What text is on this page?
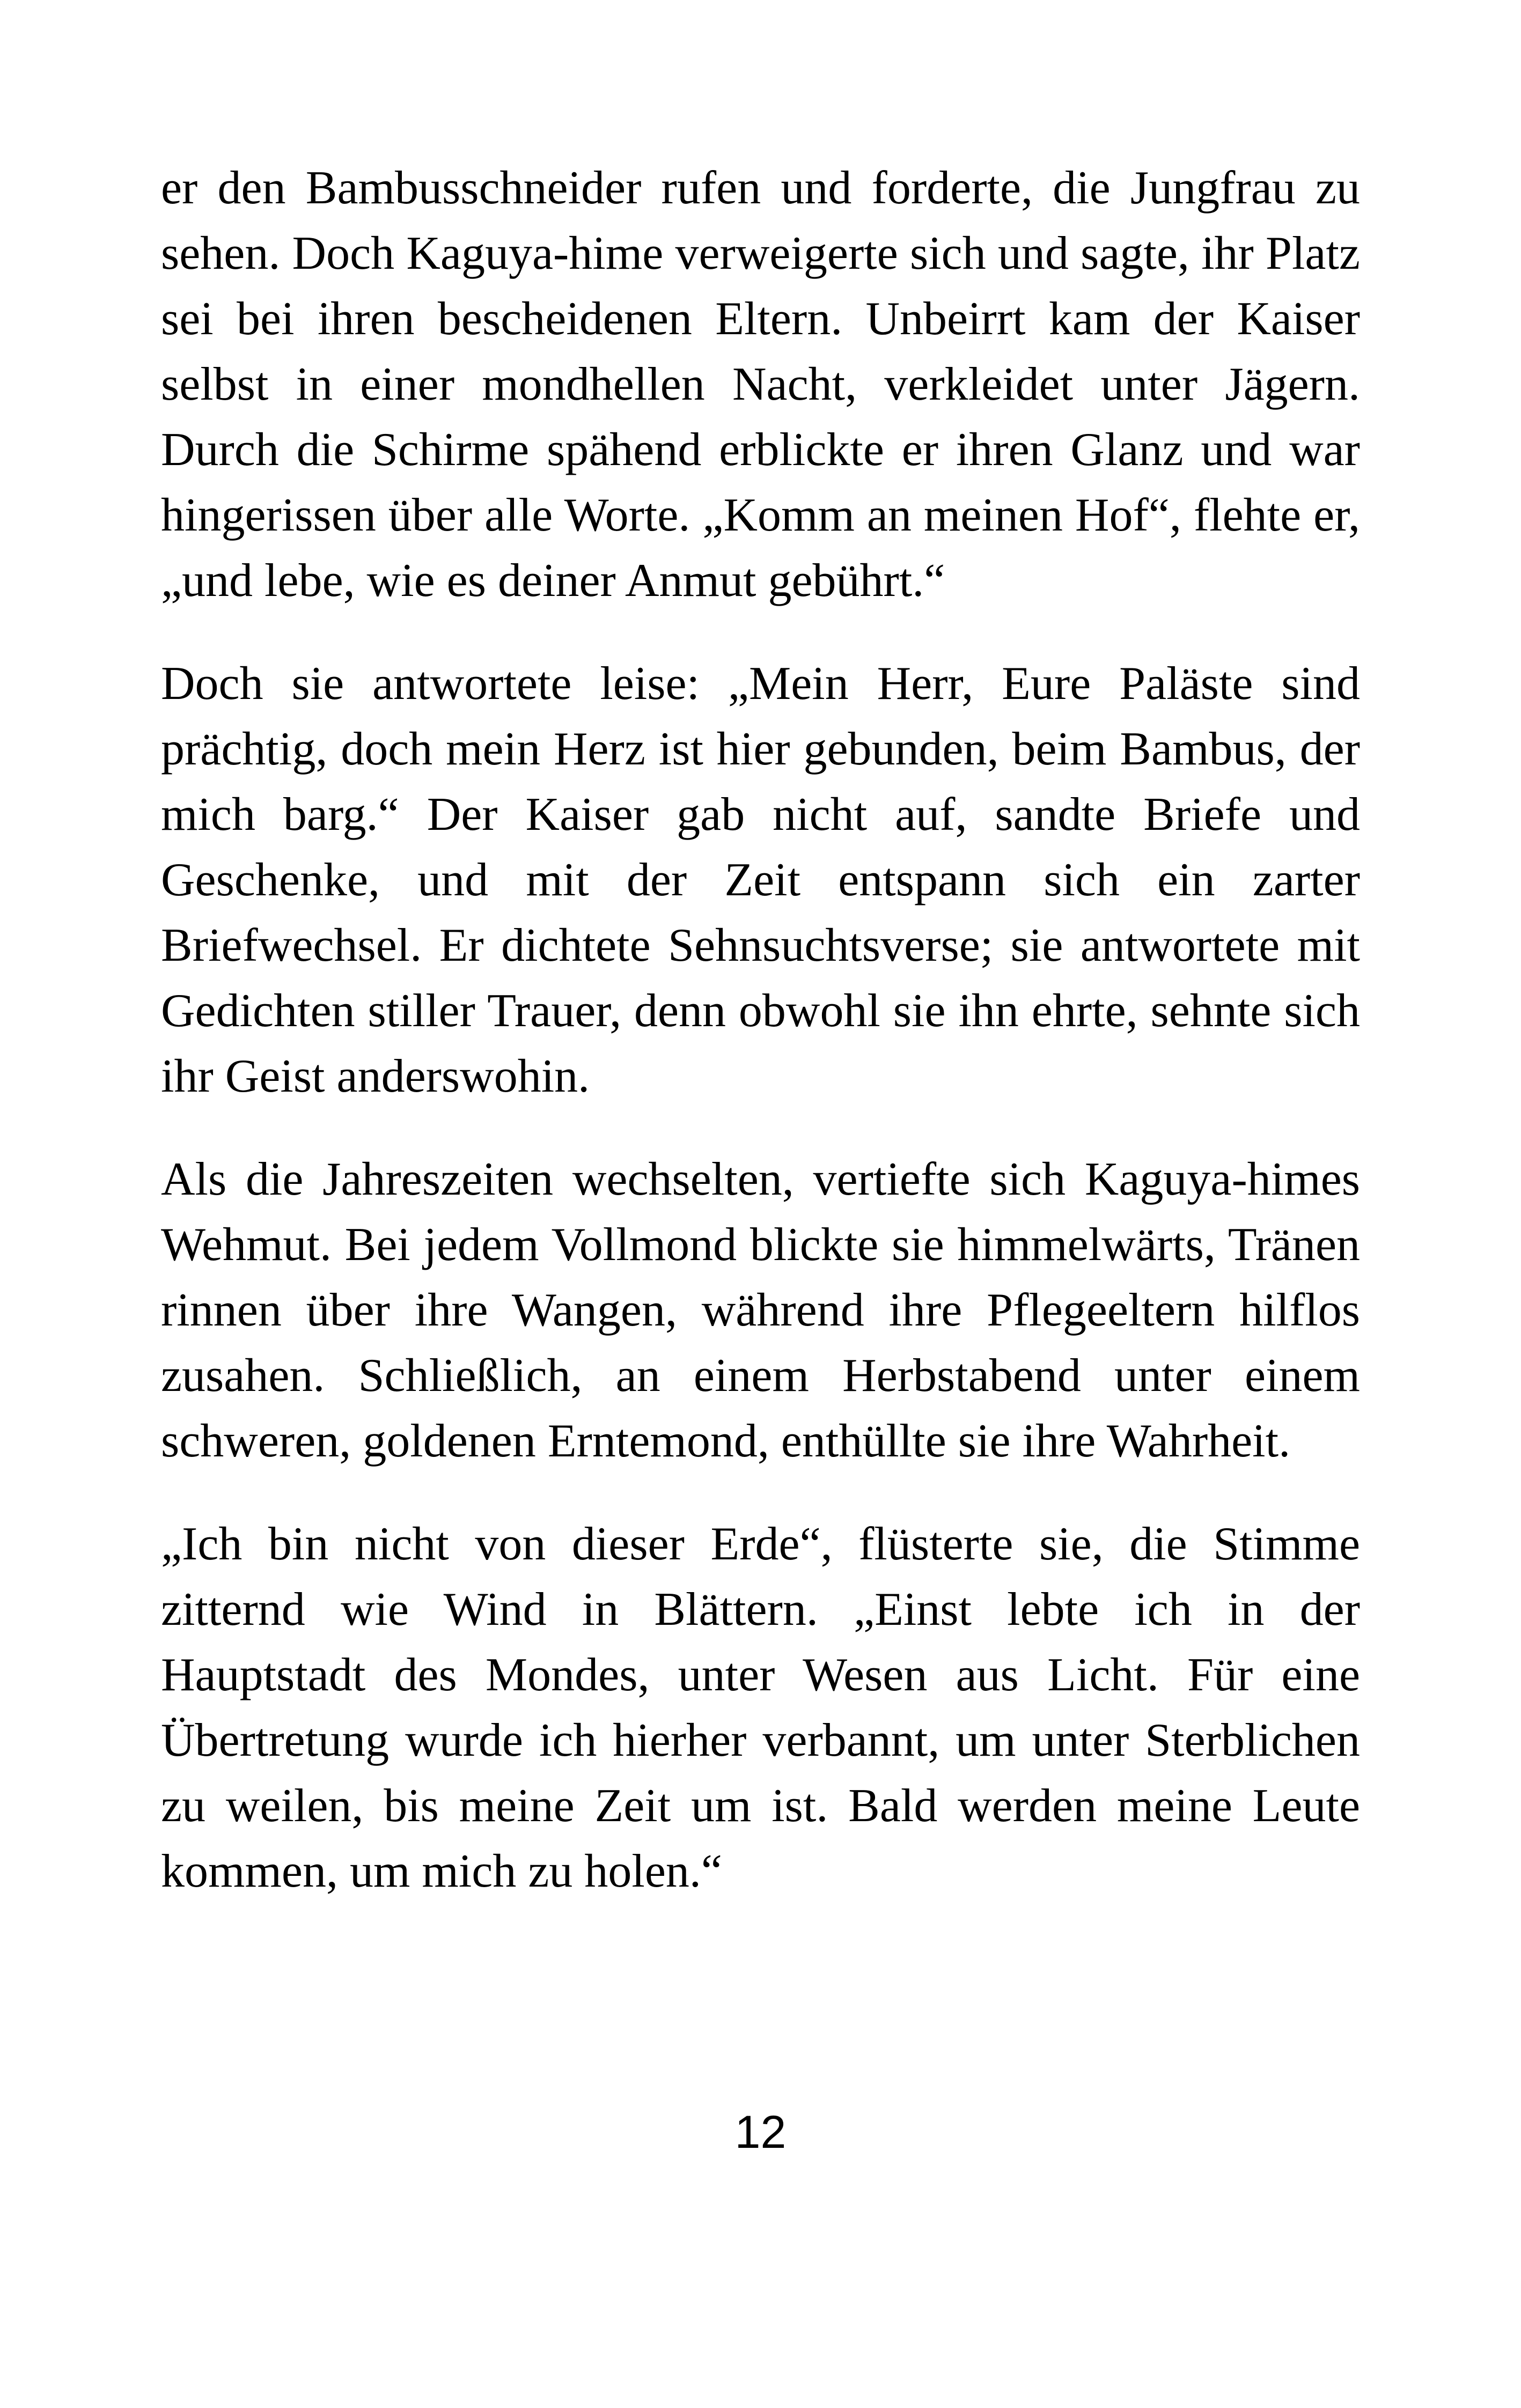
er den Bambusschneider rufen und forderte, die Jungfrau zu sehen. Doch Kaguya-hime verweigerte sich und sagte, ihr Platz sei bei ihren bescheidenen Eltern. Unbeirrt kam der Kaiser selbst in einer mondhellen Nacht, verkleidet unter Jägern. Durch die Schirme spähend erblickte er ihren Glanz und war hingerissen über alle Worte. „Komm an meinen Hof“, flehte er, „und lebe, wie es deiner Anmut gebührt.“

Doch sie antwortete leise: „Mein Herr, Eure Paläste sind prächtig, doch mein Herz ist hier gebunden, beim Bambus, der mich barg.“ Der Kaiser gab nicht auf, sandte Briefe und Geschenke, und mit der Zeit entspann sich ein zarter Briefwechsel. Er dichtete Sehnsuchtsverse; sie antwortete mit Gedichten stiller Trauer, denn obwohl sie ihn ehrte, sehnte sich ihr Geist anderswohin.

Als die Jahreszeiten wechselten, vertiefte sich Kaguya-himes Wehmut. Bei jedem Vollmond blickte sie himmelwärts, Tränen rinnen über ihre Wangen, während ihre Pflegeeltern hilflos zusahen. Schließlich, an einem Herbstabend unter einem schweren, goldenen Erntemond, enthüllte sie ihre Wahrheit.

„Ich bin nicht von dieser Erde“, flüsterte sie, die Stimme zitternd wie Wind in Blättern. „Einst lebte ich in der Hauptstadt des Mondes, unter Wesen aus Licht. Für eine Übertretung wurde ich hierher verbannt, um unter Sterblichen zu weilen, bis meine Zeit um ist. Bald werden meine Leute kommen, um mich zu holen.“

12
